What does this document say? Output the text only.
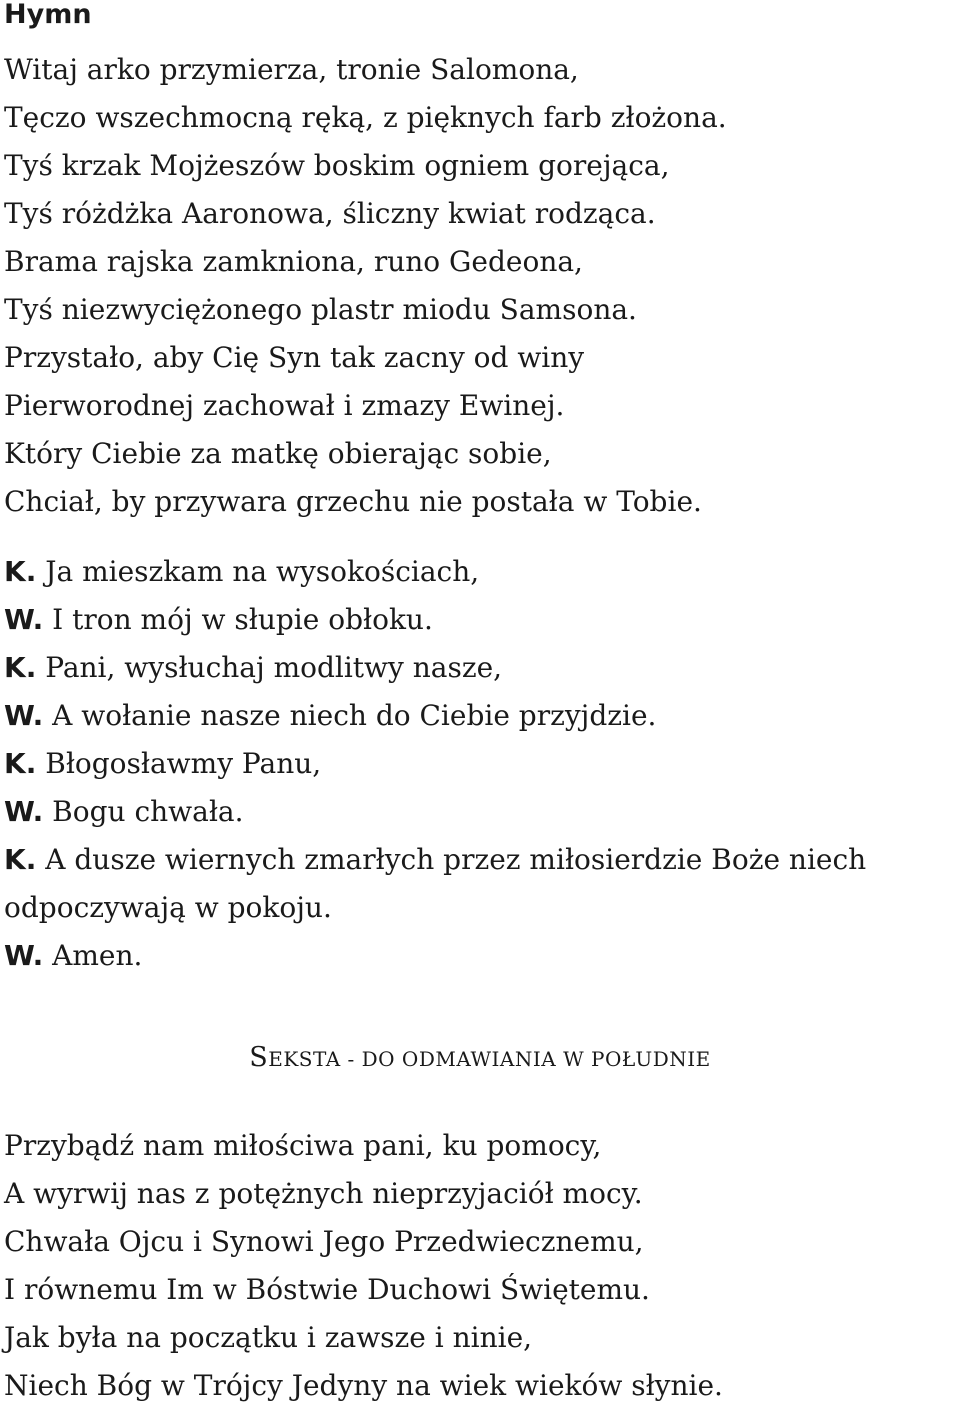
Hymn
Witaj arko przymierza, tronie Salomona,
Tęczo wszechmocną ręką, z pięknych farb złożona.
Tyś krzak Mojżeszów boskim ogniem gorejąca,
Tyś różdżka Aaronowa, śliczny kwiat rodząca.
Brama rajska zamkniona, runo Gedeona,
Tyś niezwyciężonego plastr miodu Samsona.
Przystało, aby Cię Syn tak zacny od winy
Pierworodnej zachował i zmazy Ewinej.
Który Ciebie za matkę obierając sobie,
Chciał, by przywara grzechu nie postała w Tobie.
K. Ja mieszkam na wysokościach,
W. I tron mój w słupie obłoku.
K. Pani, wysłuchaj modlitwy nasze,
W. A wołanie nasze niech do Ciebie przyjdzie.
K. Błogosławmy Panu,
W. Bogu chwała.
K. A dusze wiernych zmarłych przez miłosierdzie Boże niech
odpoczywają w pokoju.
W. Amen.
SEKSTA - DO ODMAWIANIA W POŁUDNIE
Przybądź nam miłościwa pani, ku pomocy,
A wyrwij nas z potężnych nieprzyjaciół mocy.
Chwała Ojcu i Synowi Jego Przedwiecznemu,
I równemu Im w Bóstwie Duchowi Świętemu.
Jak była na początku i zawsze i ninie,
Niech Bóg w Trójcy Jedyny na wiek wieków słynie.
